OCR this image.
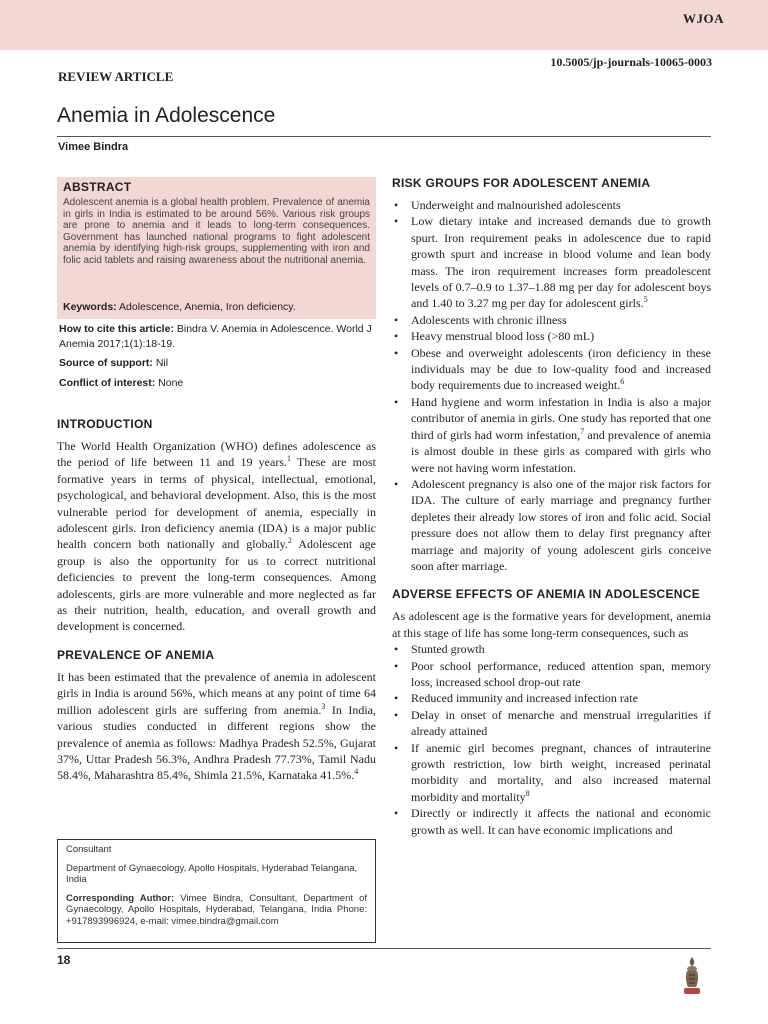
WJOA
10.5005/jp-journals-10065-0003
REVIEW ARTICLE
Anemia in Adolescence
Vimee Bindra
ABSTRACT

Adolescent anemia is a global health problem. Prevalence of anemia in girls in India is estimated to be around 56%. Various risk groups are prone to anemia and it leads to long-term consequences. Government has launched national programs to fight adolescent anemia by identifying high-risk groups, supplementing with iron and folic acid tablets and raising awareness about the nutritional anemia.

Keywords: Adolescence, Anemia, Iron deficiency.

How to cite this article: Bindra V. Anemia in Adolescence. World J Anemia 2017;1(1):18-19.

Source of support: Nil

Conflict of interest: None

INTRODUCTION

The World Health Organization (WHO) defines adolescence as the period of life between 11 and 19 years.$^1$ These are most formative years in terms of physical, intellectual, emotional, psychological, and behavioral development. Also, this is the most vulnerable period for development of anemia, especially in adolescent girls. Iron deficiency anemia (IDA) is a major public health concern both nationally and globally.$^2$ Adolescent age group is also the opportunity for us to correct nutritional deficiencies to prevent the long-term consequences. Among adolescents, girls are more vulnerable and more neglected as far as their nutrition, health, education, and overall growth and development is concerned.

PREVALENCE OF ANEMIA

It has been estimated that the prevalence of anemia in adolescent girls in India is around 56%, which means at any point of time 64 million adolescent girls are suffering from anemia.$^3$ In India, various studies conducted in different regions show the prevalence of anemia as follows: Madhya Pradesh 52.5%, Gujarat 37%, Uttar Pradesh 56.3%, Andhra Pradesh 77.73%, Tamil Nadu 58.4%, Maharashtra 85.4%, Shimla 21.5%, Karnataka 41.5%.$^4$

Consultant

Department of Gynaecology, Apollo Hospitals, Hyderabad Telangana, India

Corresponding Author: Vimee Bindra, Consultant, Department of Gynaecology, Apollo Hospitals, Hyderabad, Telangana, India Phone: +917893996924, e-mail: vimee.bindra@gmail.com

RISK GROUPS FOR ADOLESCENT ANEMIA
• Underweight and malnourished adolescents
• Low dietary intake and increased demands due to growth spurt. Iron requirement peaks in adolescence due to rapid growth spurt and increase in blood volume and lean body mass. The iron requirement increases form preadolescent levels of 0.7–0.9 to 1.37–1.88 mg per day for adolescent boys and 1.40 to 3.27 mg per day for adolescent girls.$^5$
• Adolescents with chronic illness
• Heavy menstrual blood loss (>80 mL)
• Obese and overweight adolescents (iron deficiency in these individuals may be due to low-quality food and increased body requirements due to increased weight.$^6$
• Hand hygiene and worm infestation in India is also a major contributor of anemia in girls. One study has reported that one third of girls had worm infestation,$^7$ and prevalence of anemia is almost double in these girls as compared with girls who were not having worm infestation.
• Adolescent pregnancy is also one of the major risk factors for IDA. The culture of early marriage and pregnancy further depletes their already low stores of iron and folic acid. Social pressure does not allow them to delay first pregnancy after marriage and majority of young adolescent girls conceive soon after marriage.
ADVERSE EFFECTS OF ANEMIA IN ADOLESCENCE

As adolescent age is the formative years for development, anemia at this stage of life has some long-term consequences, such as

• Stunted growth
• Poor school performance, reduced attention span, memory loss, increased school drop-out rate
• Reduced immunity and increased infection rate
• Delay in onset of menarche and menstrual irregularities if already attained
• If anemic girl becomes pregnant, chances of intrauterine growth restriction, low birth weight, increased perinatal morbidity and mortality, and also increased maternal morbidity and mortality$^8$
• Directly or indirectly it affects the national and economic growth as well. It can have economic implications and
18
